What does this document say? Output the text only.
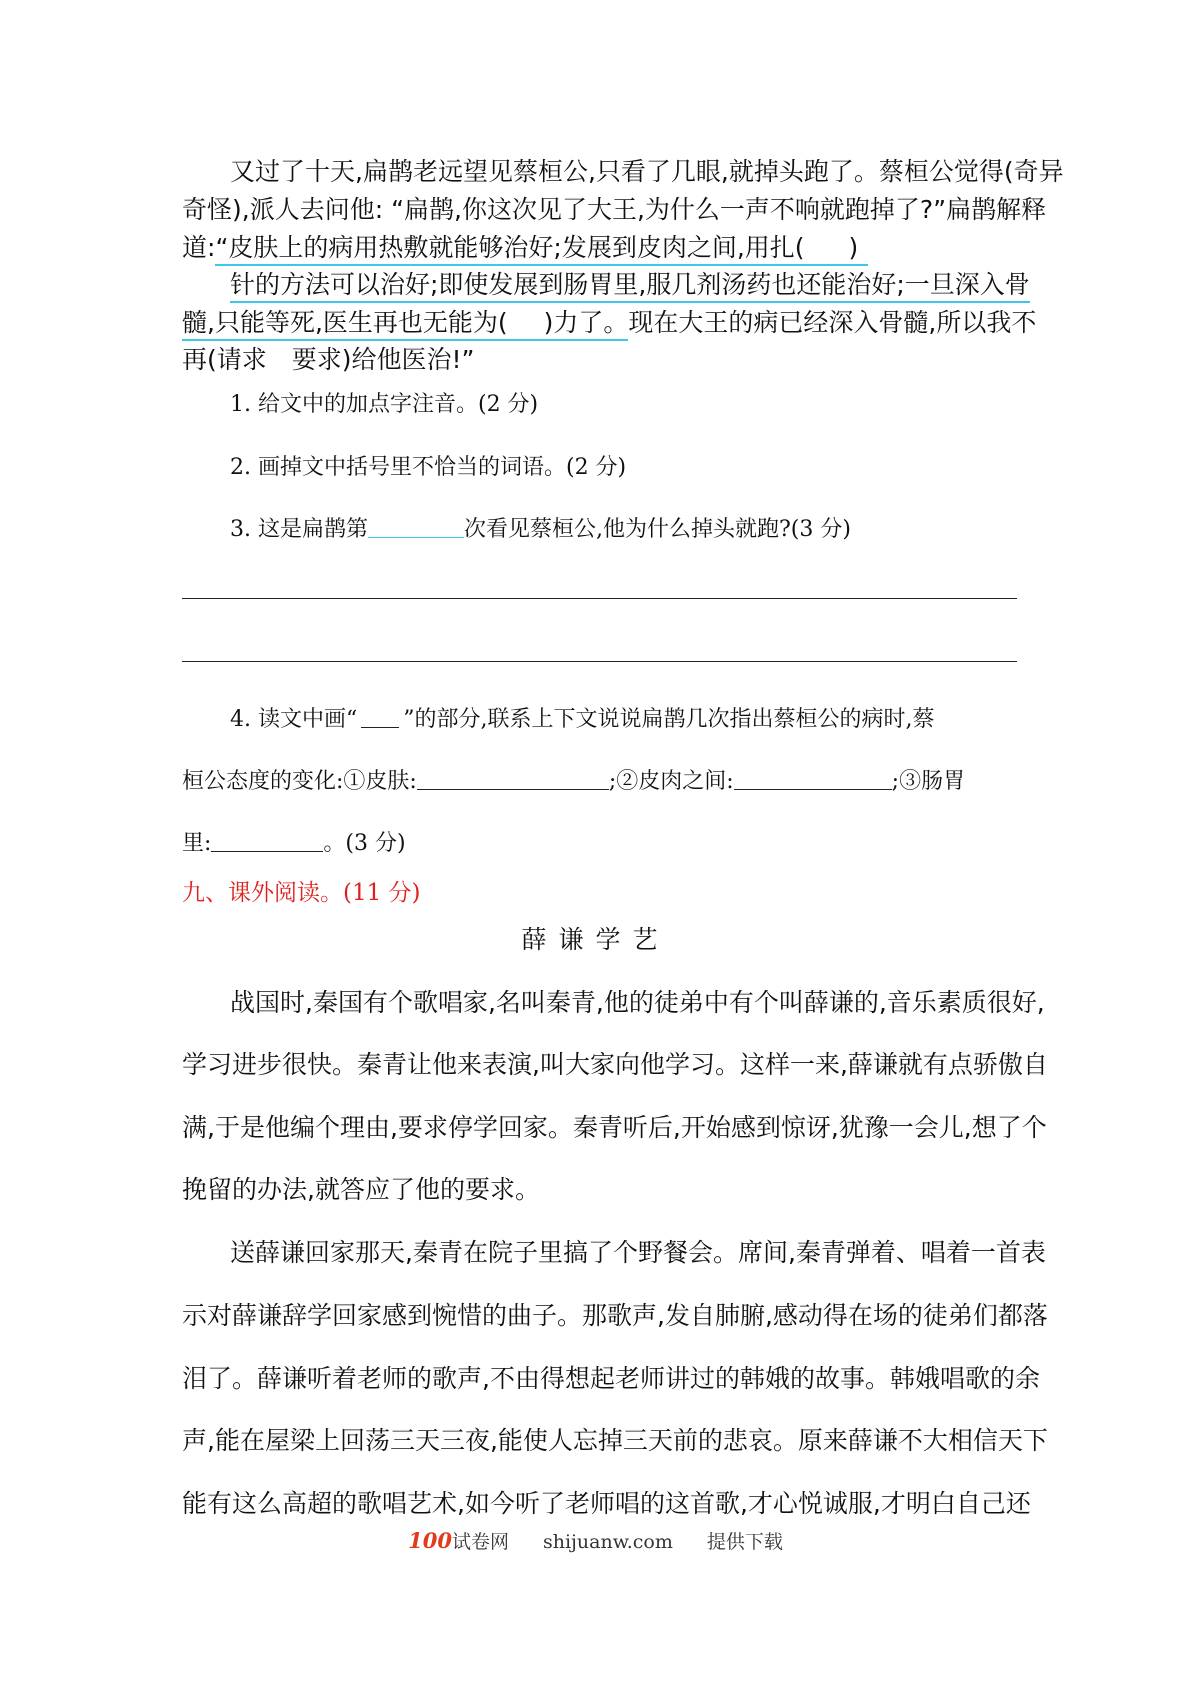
又过了十天,扁鹊老远望见蔡桓公,只看了几眼,就掉头跑了。蔡桓公觉得(奇异
奇怪),派人去问他: “扁鹊,你这次见了大王,为什么一声不响就跑掉了?”扁鹊解释
道:“皮肤上的病用热敷就能够治好;发展到皮肉之间,用扎( )
针的方法可以治好;即使发展到肠胃里,服几剂汤药也还能治好;一旦深入骨
髓,只能等死,医生再也无能为( )力了。现在大王的病已经深入骨髓,所以我不
再(请求　要求)给他医治!”
1. 给文中的加点字注音。(2 分)
2. 画掉文中括号里不恰当的词语。(2 分)
3. 这是扁鹊第	次看见蔡桓公,他为什么掉头就跑?(3 分)
4. 读文中画“ ”的部分,联系上下文说说扁鹊几次指出蔡桓公的病时,蔡
桓公态度的变化:①皮肤:	;②皮肉之间:	;③肠胃
里:	。(3 分)
九、课外阅读。(11 分)
薛谦学艺
战国时,秦国有个歌唱家,名叫秦青,他的徒弟中有个叫薛谦的,音乐素质很好,
学习进步很快。秦青让他来表演,叫大家向他学习。这样一来,薛谦就有点骄傲自
满,于是他编个理由,要求停学回家。秦青听后,开始感到惊讶,犹豫一会儿,想了个
挽留的办法,就答应了他的要求。
送薛谦回家那天,秦青在院子里搞了个野餐会。席间,秦青弹着、唱着一首表
示对薛谦辞学回家感到惋惜的曲子。那歌声,发自肺腑,感动得在场的徒弟们都落
泪了。薛谦听着老师的歌声,不由得想起老师讲过的韩娥的故事。韩娥唱歌的余
声,能在屋梁上回荡三天三夜,能使人忘掉三天前的悲哀。原来薛谦不大相信天下
能有这么高超的歌唱艺术,如今听了老师唱的这首歌,才心悦诚服,才明白自己还
100试卷网 shijuanw.com 提供下载
